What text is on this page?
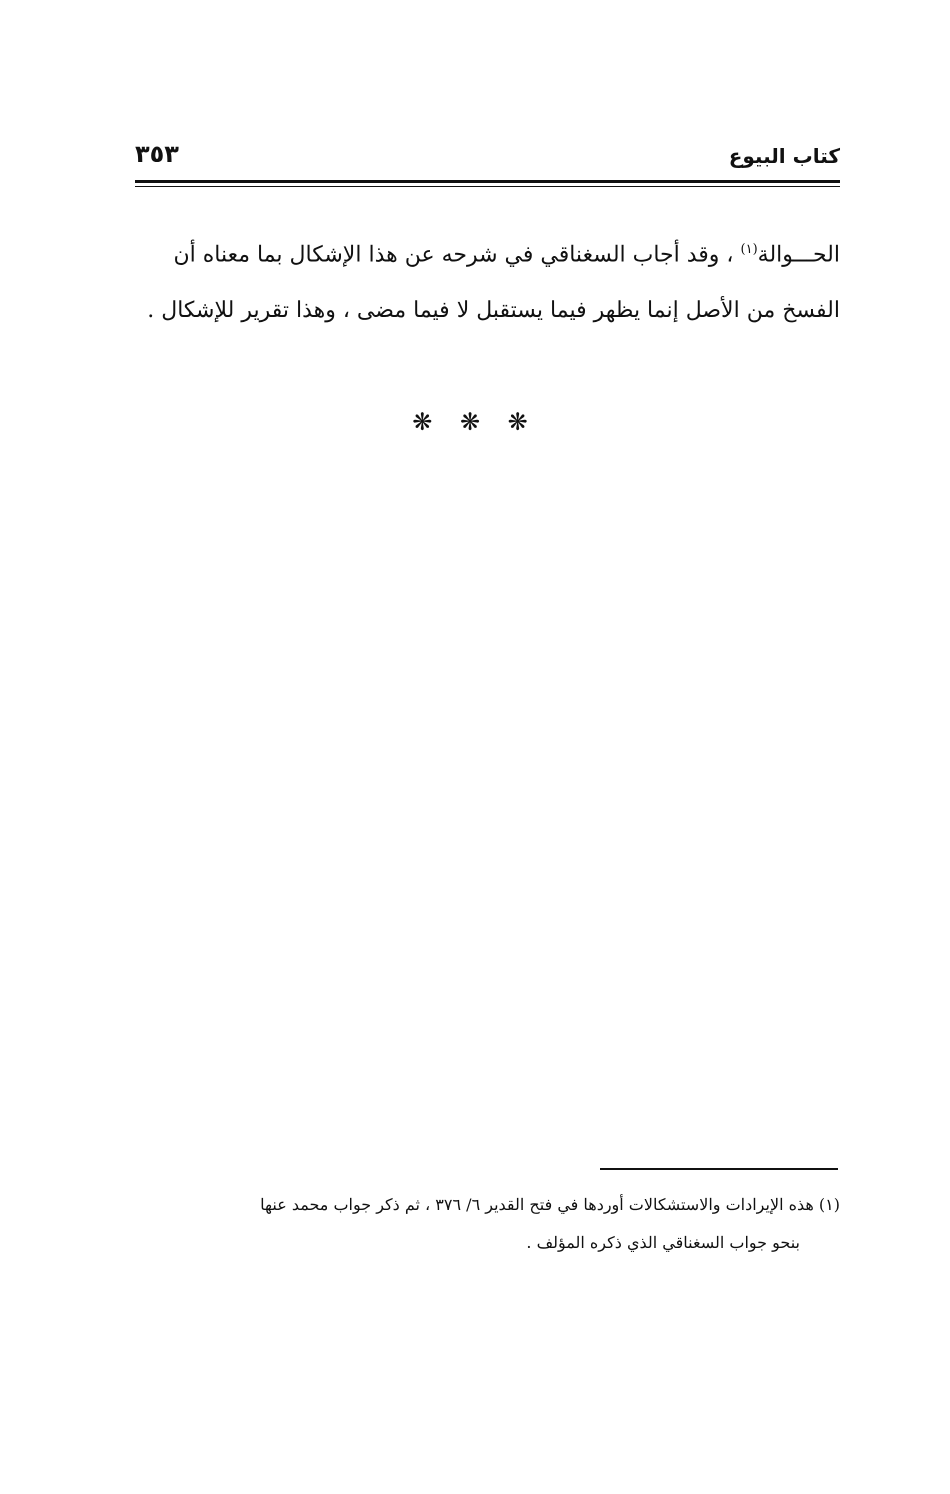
كتاب البيوع
٣٥٣

الحـــوالة$^{(١)}$ ، وقد أجاب السغناقي في شرحه عن هذا الإشكال بما معناه أن
الفسخ من الأصل إنما يظهر فيما يستقبل لا فيما مضى ، وهذا تقرير للإشكال .

❋ ❋ ❋
(١) هذه الإيرادات والاستشكالات أوردها في فتح القدير ٦/ ٣٧٦ ، ثم ذكر جواب محمد عنها
بنحو جواب السغناقي الذي ذكره المؤلف .
